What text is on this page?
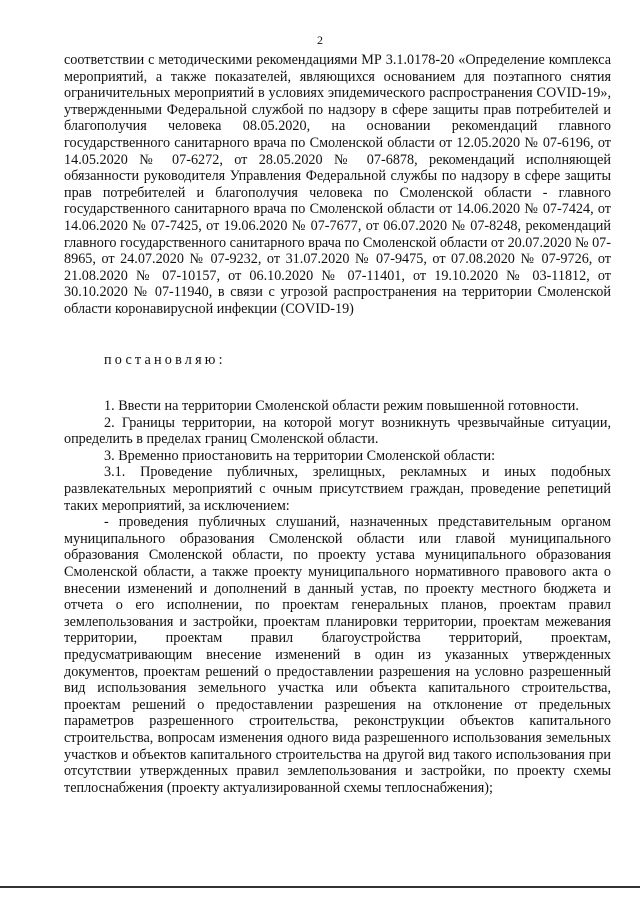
2

соответствии с методическими рекомендациями МР 3.1.0178-20 «Определение комплекса мероприятий, а также показателей, являющихся основанием для поэтапного снятия ограничительных мероприятий в условиях эпидемического распространения COVID-19», утвержденными Федеральной службой по надзору в сфере защиты прав потребителей и благополучия человека 08.05.2020, на основании рекомендаций главного государственного санитарного врача по Смоленской области от 12.05.2020 № 07-6196, от 14.05.2020 № 07-6272, от 28.05.2020 № 07-6878, рекомендаций исполняющей обязанности руководителя Управления Федеральной службы по надзору в сфере защиты прав потребителей и благополучия человека по Смоленской области - главного государственного санитарного врача по Смоленской области от 14.06.2020 № 07-7424, от 14.06.2020 № 07-7425, от 19.06.2020 № 07-7677, от 06.07.2020 № 07-8248, рекомендаций главного государственного санитарного врача по Смоленской области от 20.07.2020 № 07-8965, от 24.07.2020 № 07-9232, от 31.07.2020 № 07-9475, от 07.08.2020 № 07-9726, от 21.08.2020 № 07-10157, от 06.10.2020 № 07-11401, от 19.10.2020 № 03-11812, от 30.10.2020 № 07-11940, в связи с угрозой распространения на территории Смоленской области коронавирусной инфекции (COVID-19)

постановляю:

1. Ввести на территории Смоленской области режим повышенной готовности.

2. Границы территории, на которой могут возникнуть чрезвычайные ситуации, определить в пределах границ Смоленской области.

3. Временно приостановить на территории Смоленской области:

3.1. Проведение публичных, зрелищных, рекламных и иных подобных развлекательных мероприятий с очным присутствием граждан, проведение репетиций таких мероприятий, за исключением:

- проведения публичных слушаний, назначенных представительным органом муниципального образования Смоленской области или главой муниципального образования Смоленской области, по проекту устава муниципального образования Смоленской области, а также проекту муниципального нормативного правового акта о внесении изменений и дополнений в данный устав, по проекту местного бюджета и отчета о его исполнении, по проектам генеральных планов, проектам правил землепользования и застройки, проектам планировки территории, проектам межевания территории, проектам правил благоустройства территорий, проектам, предусматривающим внесение изменений в один из указанных утвержденных документов, проектам решений о предоставлении разрешения на условно разрешенный вид использования земельного участка или объекта капитального строительства, проектам решений о предоставлении разрешения на отклонение от предельных параметров разрешенного строительства, реконструкции объектов капитального строительства, вопросам изменения одного вида разрешенного использования земельных участков и объектов капитального строительства на другой вид такого использования при отсутствии утвержденных правил землепользования и застройки, по проекту схемы теплоснабжения (проекту актуализированной схемы теплоснабжения);
